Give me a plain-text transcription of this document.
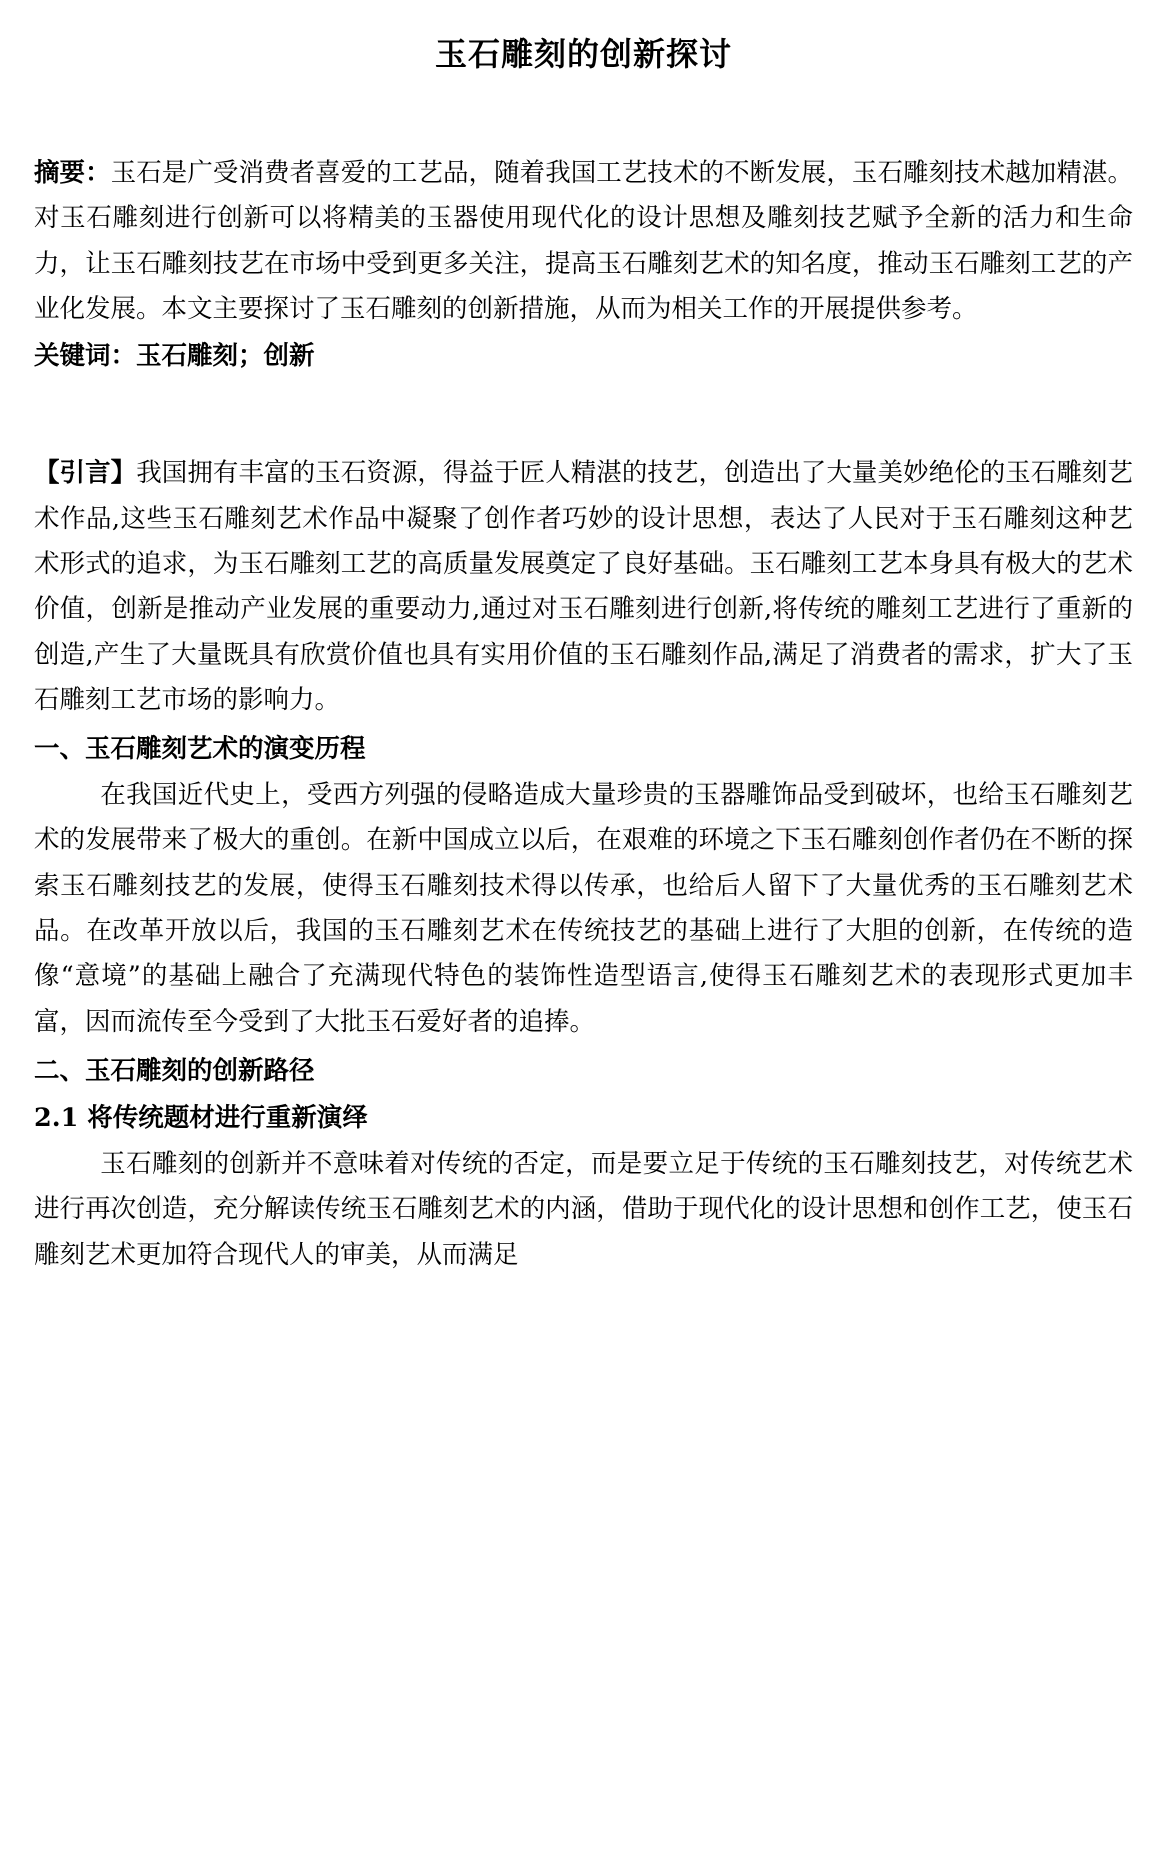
玉石雕刻的创新探讨

摘要：玉石是广受消费者喜爱的工艺品，随着我国工艺技术的不断发展，玉石雕刻技术越加精湛。对玉石雕刻进行创新可以将精美的玉器使用现代化的设计思想及雕刻技艺赋予全新的活力和生命力，让玉石雕刻技艺在市场中受到更多关注，提高玉石雕刻艺术的知名度，推动玉石雕刻工艺的产业化发展。本文主要探讨了玉石雕刻的创新措施，从而为相关工作的开展提供参考。

关键词：玉石雕刻；创新

【引言】我国拥有丰富的玉石资源，得益于匠人精湛的技艺，创造出了大量美妙绝伦的玉石雕刻艺术作品,这些玉石雕刻艺术作品中凝聚了创作者巧妙的设计思想，表达了人民对于玉石雕刻这种艺术形式的追求，为玉石雕刻工艺的高质量发展奠定了良好基础。玉石雕刻工艺本身具有极大的艺术价值，创新是推动产业发展的重要动力,通过对玉石雕刻进行创新,将传统的雕刻工艺进行了重新的创造,产生了大量既具有欣赏价值也具有实用价值的玉石雕刻作品,满足了消费者的需求，扩大了玉石雕刻工艺市场的影响力。

一、玉石雕刻艺术的演变历程

在我国近代史上，受西方列强的侵略造成大量珍贵的玉器雕饰品受到破坏，也给玉石雕刻艺术的发展带来了极大的重创。在新中国成立以后，在艰难的环境之下玉石雕刻创作者仍在不断的探索玉石雕刻技艺的发展，使得玉石雕刻技术得以传承，也给后人留下了大量优秀的玉石雕刻艺术品。在改革开放以后，我国的玉石雕刻艺术在传统技艺的基础上进行了大胆的创新，在传统的造像“意境”的基础上融合了充满现代特色的装饰性造型语言,使得玉石雕刻艺术的表现形式更加丰富，因而流传至今受到了大批玉石爱好者的追捧。

二、玉石雕刻的创新路径
2.1 将传统题材进行重新演绎

玉石雕刻的创新并不意味着对传统的否定，而是要立足于传统的玉石雕刻技艺，对传统艺术进行再次创造，充分解读传统玉石雕刻艺术的内涵，借助于现代化的设计思想和创作工艺，使玉石雕刻艺术更加符合现代人的审美，从而满足
